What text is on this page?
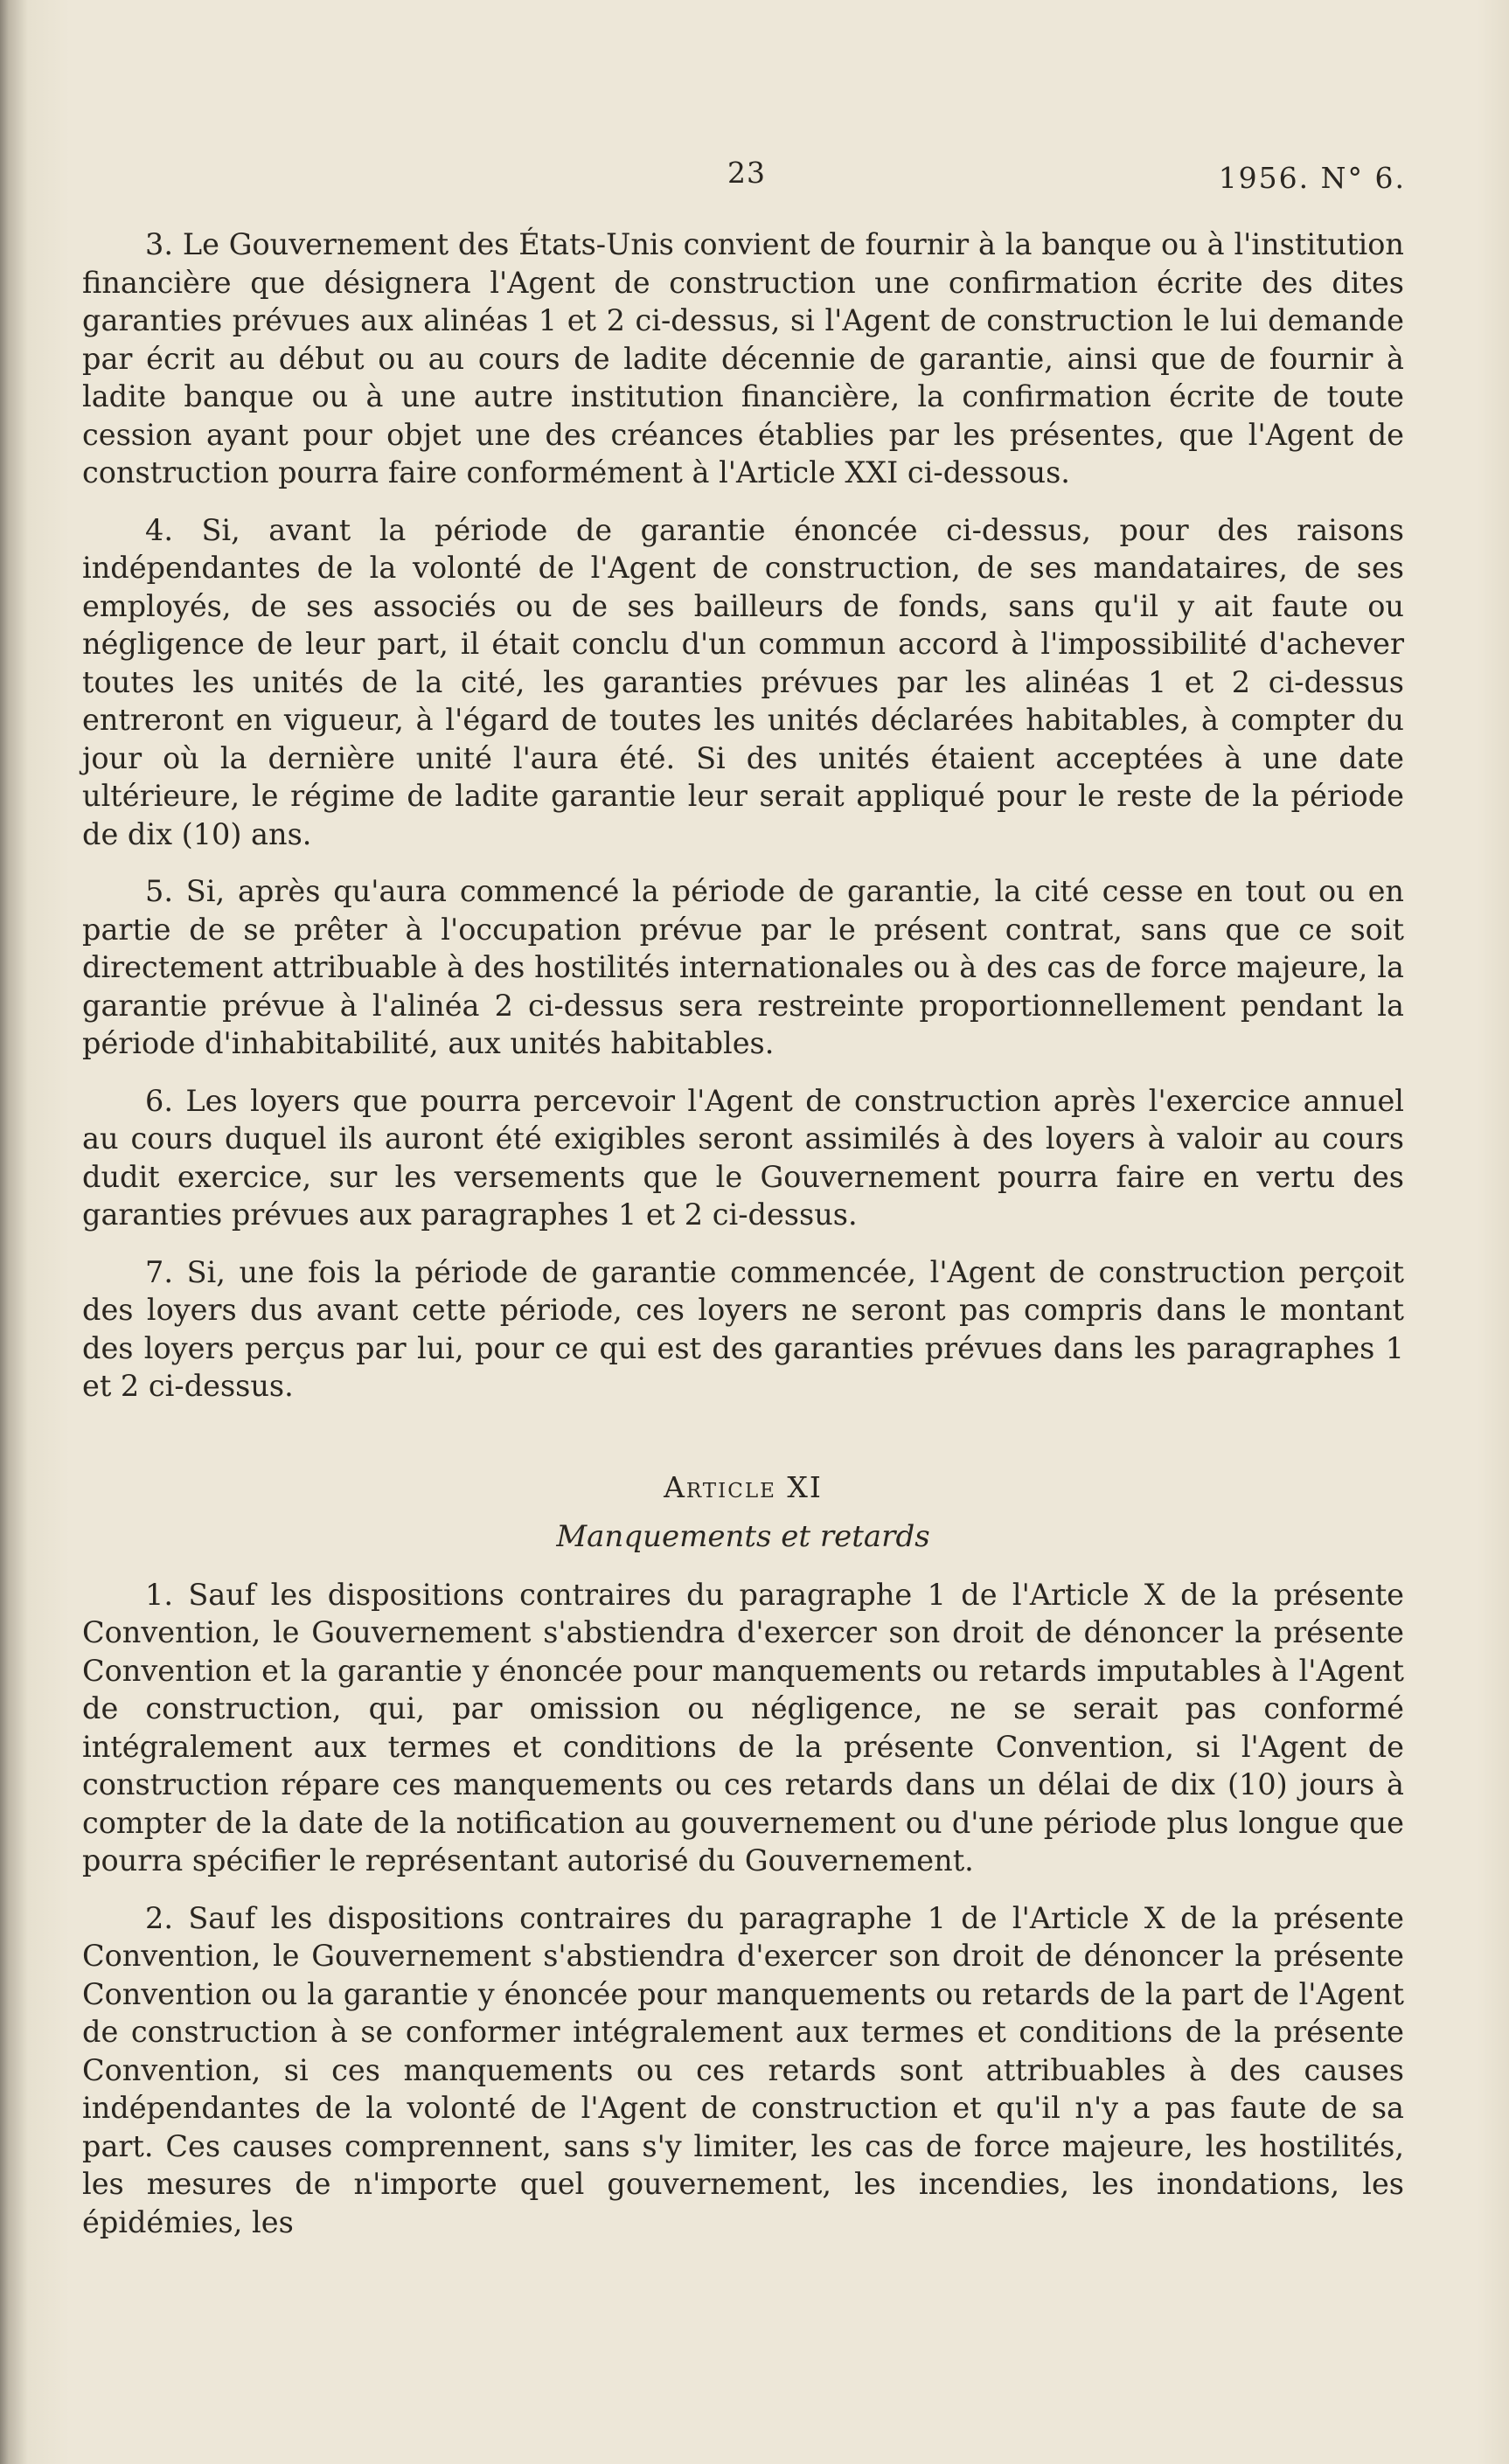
23	1956. N° 6.

3. Le Gouvernement des États-Unis convient de fournir à la banque ou à l'institution financière que désignera l'Agent de construction une confirmation écrite des dites garanties prévues aux alinéas 1 et 2 ci-dessus, si l'Agent de construction le lui demande par écrit au début ou au cours de ladite décennie de garantie, ainsi que de fournir à ladite banque ou à une autre institution financière, la confirmation écrite de toute cession ayant pour objet une des créances établies par les présentes, que l'Agent de construction pourra faire conformément à l'Article XXI ci-dessous.

4. Si, avant la période de garantie énoncée ci-dessus, pour des raisons indépendantes de la volonté de l'Agent de construction, de ses mandataires, de ses employés, de ses associés ou de ses bailleurs de fonds, sans qu'il y ait faute ou négligence de leur part, il était conclu d'un commun accord à l'impossibilité d'achever toutes les unités de la cité, les garanties prévues par les alinéas 1 et 2 ci-dessus entreront en vigueur, à l'égard de toutes les unités déclarées habitables, à compter du jour où la dernière unité l'aura été. Si des unités étaient acceptées à une date ultérieure, le régime de ladite garantie leur serait appliqué pour le reste de la période de dix (10) ans.

5. Si, après qu'aura commencé la période de garantie, la cité cesse en tout ou en partie de se prêter à l'occupation prévue par le présent contrat, sans que ce soit directement attribuable à des hostilités internationales ou à des cas de force majeure, la garantie prévue à l'alinéa 2 ci-dessus sera restreinte proportionnellement pendant la période d'inhabitabilité, aux unités habitables.

6. Les loyers que pourra percevoir l'Agent de construction après l'exercice annuel au cours duquel ils auront été exigibles seront assimilés à des loyers à valoir au cours dudit exercice, sur les versements que le Gouvernement pourra faire en vertu des garanties prévues aux paragraphes 1 et 2 ci-dessus.

7. Si, une fois la période de garantie commencée, l'Agent de construction perçoit des loyers dus avant cette période, ces loyers ne seront pas compris dans le montant des loyers perçus par lui, pour ce qui est des garanties prévues dans les paragraphes 1 et 2 ci-dessus.

Article XI
Manquements et retards

1. Sauf les dispositions contraires du paragraphe 1 de l'Article X de la présente Convention, le Gouvernement s'abstiendra d'exercer son droit de dénoncer la présente Convention et la garantie y énoncée pour manquements ou retards imputables à l'Agent de construction, qui, par omission ou négligence, ne se serait pas conformé intégralement aux termes et conditions de la présente Convention, si l'Agent de construction répare ces manquements ou ces retards dans un délai de dix (10) jours à compter de la date de la notification au gouvernement ou d'une période plus longue que pourra spécifier le représentant autorisé du Gouvernement.

2. Sauf les dispositions contraires du paragraphe 1 de l'Article X de la présente Convention, le Gouvernement s'abstiendra d'exercer son droit de dénoncer la présente Convention ou la garantie y énoncée pour manquements ou retards de la part de l'Agent de construction à se conformer intégralement aux termes et conditions de la présente Convention, si ces manquements ou ces retards sont attribuables à des causes indépendantes de la volonté de l'Agent de construction et qu'il n'y a pas faute de sa part. Ces causes comprennent, sans s'y limiter, les cas de force majeure, les hostilités, les mesures de n'importe quel gouvernement, les incendies, les inondations, les épidémies, les
